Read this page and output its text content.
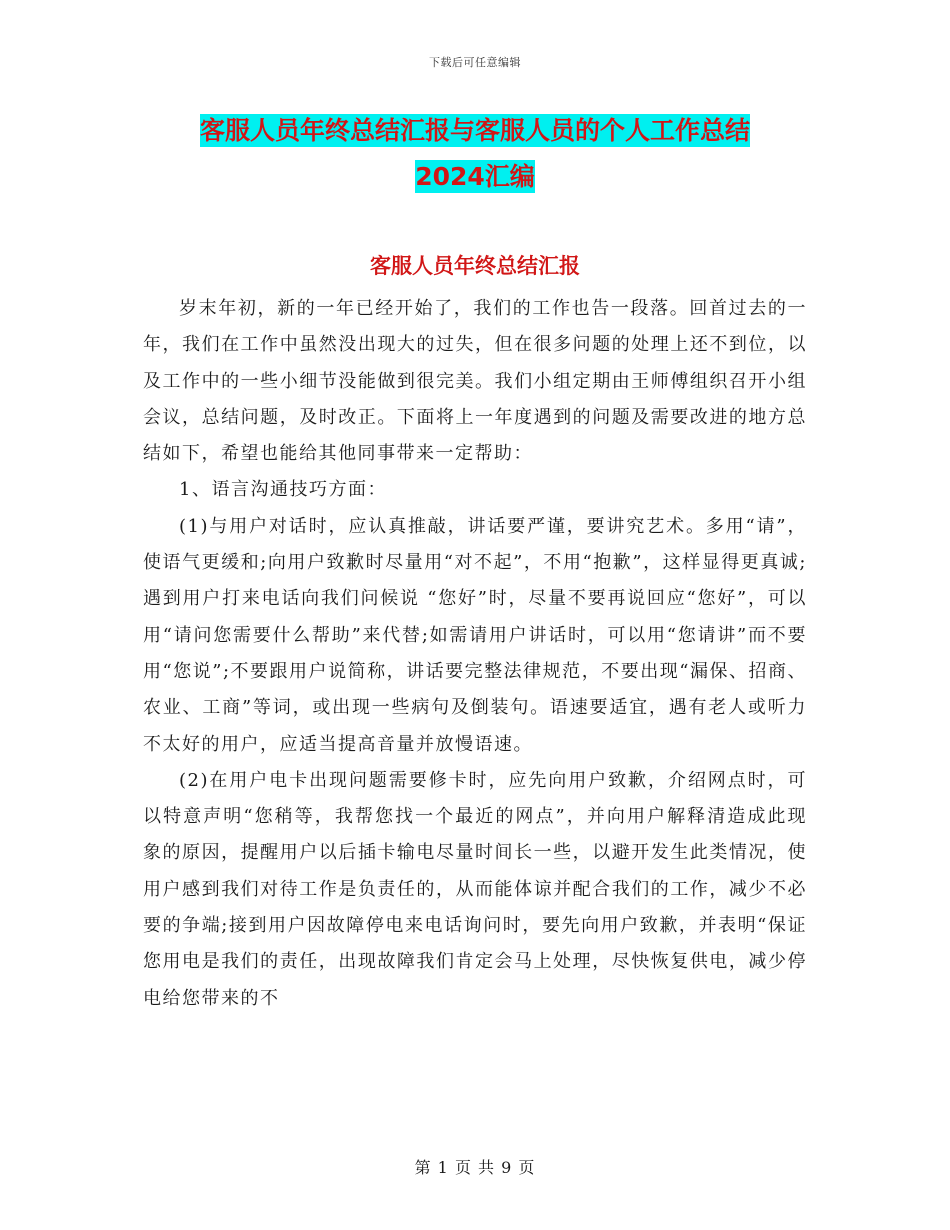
下载后可任意编辑
客服人员年终总结汇报与客服人员的个人工作总结
2024汇编
客服人员年终总结汇报

岁末年初，新的一年已经开始了，我们的工作也告一段落。回首过去的一年，我们在工作中虽然没出现大的过失，但在很多问题的处理上还不到位，以及工作中的一些小细节没能做到很完美。我们小组定期由王师傅组织召开小组会议，总结问题，及时改正。下面将上一年度遇到的问题及需要改进的地方总结如下，希望也能给其他同事带来一定帮助：

1、语言沟通技巧方面：

(1)与用户对话时，应认真推敲，讲话要严谨，要讲究艺术。多用“请”，使语气更缓和;向用户致歉时尽量用“对不起”，不用“抱歉”，这样显得更真诚;遇到用户打来电话向我们问候说 “您好”时，尽量不要再说回应“您好”，可以用“请问您需要什么帮助”来代替;如需请用户讲话时，可以用“您请讲”而不要用“您说”;不要跟用户说简称，讲话要完整法律规范，不要出现“漏保、招商、农业、工商”等词，或出现一些病句及倒装句。语速要适宜，遇有老人或听力不太好的用户，应适当提高音量并放慢语速。

(2)在用户电卡出现问题需要修卡时，应先向用户致歉，介绍网点时，可以特意声明“您稍等，我帮您找一个最近的网点”，并向用户解释清造成此现象的原因，提醒用户以后插卡输电尽量时间长一些，以避开发生此类情况，使用户感到我们对待工作是负责任的，从而能体谅并配合我们的工作，减少不必要的争端;接到用户因故障停电来电话询问时，要先向用户致歉，并表明“保证您用电是我们的责任，出现故障我们肯定会马上处理，尽快恢复供电，减少停电给您带来的不

第 1 页 共 9 页
